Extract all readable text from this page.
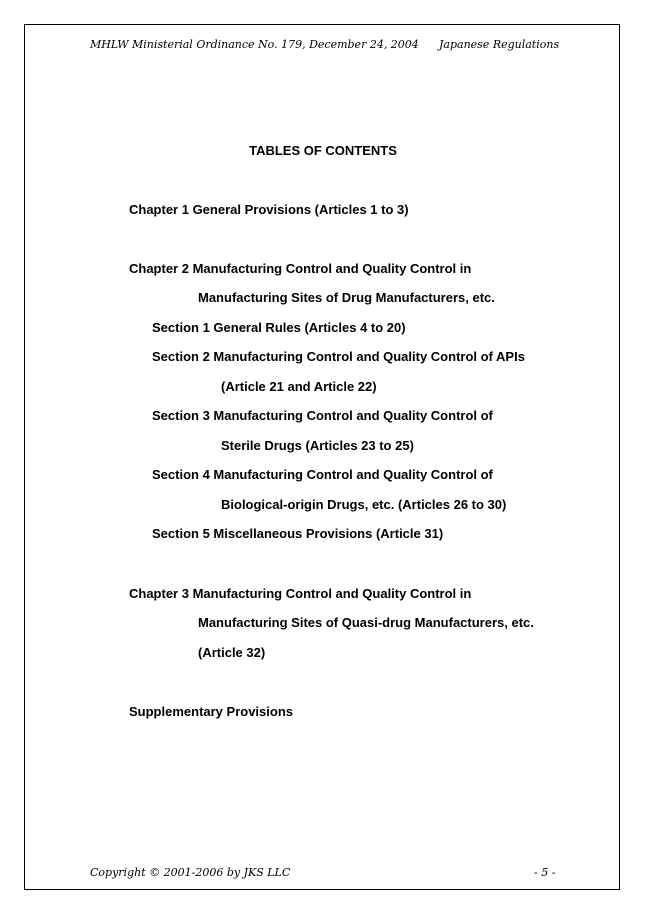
MHLW Ministerial Ordinance No. 179, December 24, 2004 Japanese Regulations
TABLES OF CONTENTS
Chapter 1 General Provisions (Articles 1 to 3)
Chapter 2 Manufacturing Control and Quality Control in
Manufacturing Sites of Drug Manufacturers, etc.
Section 1 General Rules (Articles 4 to 20)
Section 2 Manufacturing Control and Quality Control of APIs
(Article 21 and Article 22)
Section 3 Manufacturing Control and Quality Control of
Sterile Drugs (Articles 23 to 25)
Section 4 Manufacturing Control and Quality Control of
Biological-origin Drugs, etc. (Articles 26 to 30)
Section 5 Miscellaneous Provisions (Article 31)
Chapter 3 Manufacturing Control and Quality Control in
Manufacturing Sites of Quasi-drug Manufacturers, etc.
(Article 32)
Supplementary Provisions
Copyright © 2001-2006 by JKS LLC	- 5 -
